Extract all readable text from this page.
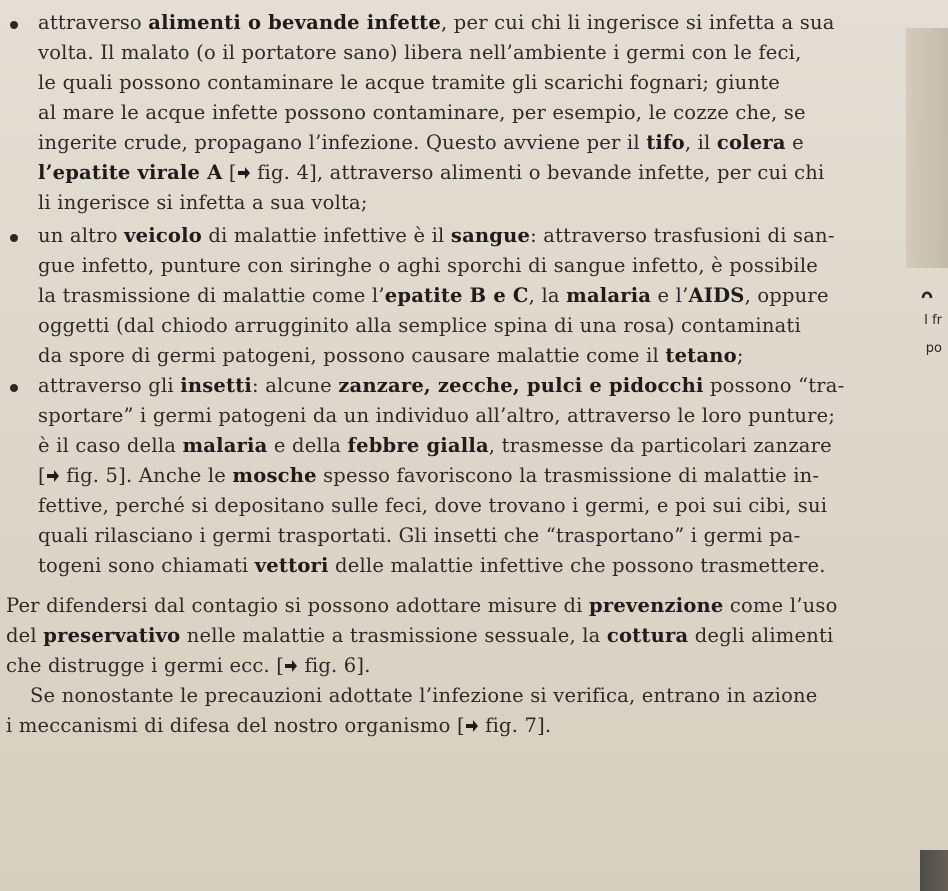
I fr
po
attraverso alimenti o bevande infette, per cui chi li ingerisce si infetta a sua
volta. Il malato (o il portatore sano) libera nell’ambiente i germi con le feci,
le quali possono contaminare le acque tramite gli scarichi fognari; giunte
al mare le acque infette possono contaminare, per esempio, le cozze che, se
ingerite crude, propagano l’infezione. Questo avviene per il tifo, il colera e
l’epatite virale A [ fig. 4], attraverso alimenti o bevande infette, per cui chi
li ingerisce si infetta a sua volta;
un altro veicolo di malattie infettive è il sangue: attraverso trasfusioni di san-
gue infetto, punture con siringhe o aghi sporchi di sangue infetto, è possibile
la trasmissione di malattie come l’epatite B e C, la malaria e l’AIDS, oppure
oggetti (dal chiodo arrugginito alla semplice spina di una rosa) contaminati
da spore di germi patogeni, possono causare malattie come il tetano;
attraverso gli insetti: alcune zanzare, zecche, pulci e pidocchi possono “tra-
sportare” i germi patogeni da un individuo all’altro, attraverso le loro punture;
è il caso della malaria e della febbre gialla, trasmesse da particolari zanzare
[ fig. 5]. Anche le mosche spesso favoriscono la trasmissione di malattie in-
fettive, perché si depositano sulle feci, dove trovano i germi, e poi sui cibi, sui
quali rilasciano i germi trasportati. Gli insetti che “trasportano” i germi pa-
togeni sono chiamati vettori delle malattie infettive che possono trasmettere.
Per difendersi dal contagio si possono adottare misure di prevenzione come l’uso
del preservativo nelle malattie a trasmissione sessuale, la cottura degli alimenti
che distrugge i germi ecc. [ fig. 6].
Se nonostante le precauzioni adottate l’infezione si verifica, entrano in azione
i meccanismi di difesa del nostro organismo [ fig. 7].
